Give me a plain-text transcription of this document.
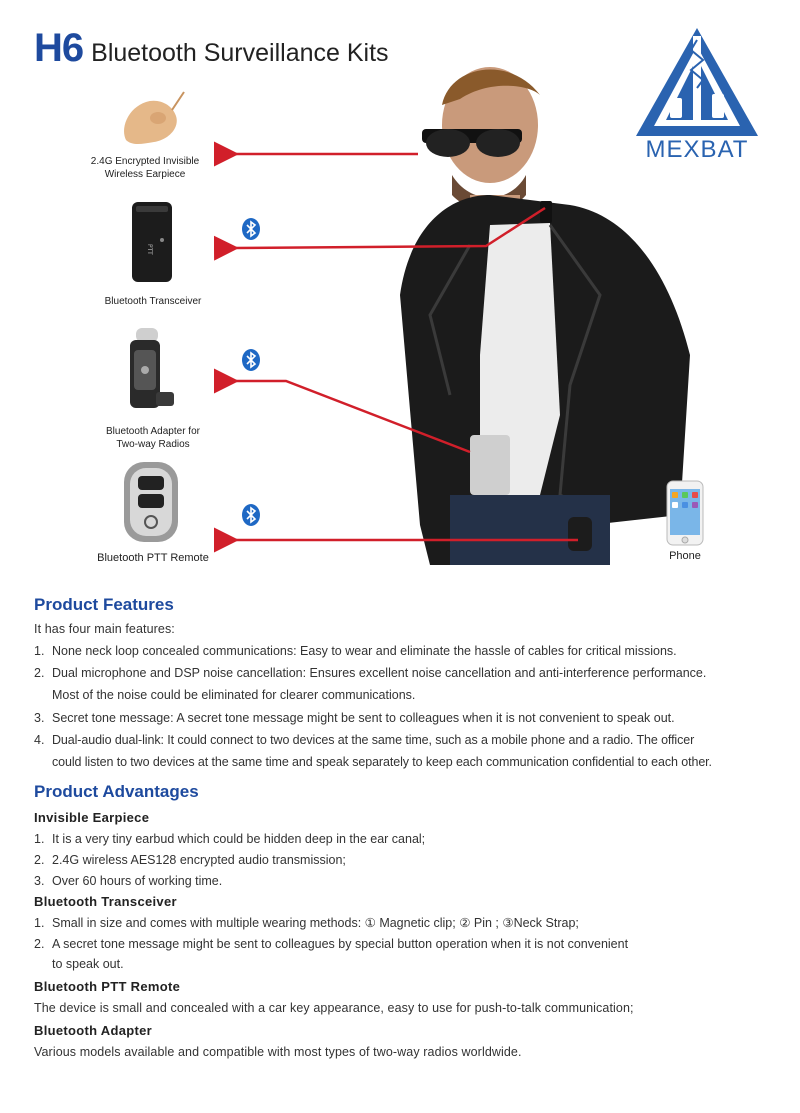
H6 Bluetooth Surveillance Kits
MEXBAT
2.4G Encrypted Invisible
Wireless Earpiece
PTT
Bluetooth Transceiver
Bluetooth Adapter for
Two-way Radios
Bluetooth PTT Remote	Phone
Product Features
It has four main features:
1. None neck loop concealed communications: Easy to wear and eliminate the hassle of cables for critical missions.
2. Dual microphone and DSP noise cancellation: Ensures excellent noise cancellation and anti-interference performance.
Most of the noise could be eliminated for clearer communications.
3. Secret tone message: A secret tone message might be sent to colleagues when it is not convenient to speak out.
4. Dual-audio dual-link: It could connect to two devices at the same time, such as a mobile phone and a radio. The officer
could listen to two devices at the same time and speak separately to keep each communication confidential to each other.
Product Advantages
Invisible Earpiece
1. It is a very tiny earbud which could be hidden deep in the ear canal;
2. 2.4G wireless AES128 encrypted audio transmission;
3. Over 60 hours of working time.
Bluetooth Transceiver
1. Small in size and comes with multiple wearing methods: ① Magnetic clip; ② Pin ; ③Neck Strap;
2. A secret tone message might be sent to colleagues by special button operation when it is not convenient
to speak out.
Bluetooth PTT Remote
The device is small and concealed with a car key appearance, easy to use for push-to-talk communication;
Bluetooth Adapter
Various models available and compatible with most types of two-way radios worldwide.
